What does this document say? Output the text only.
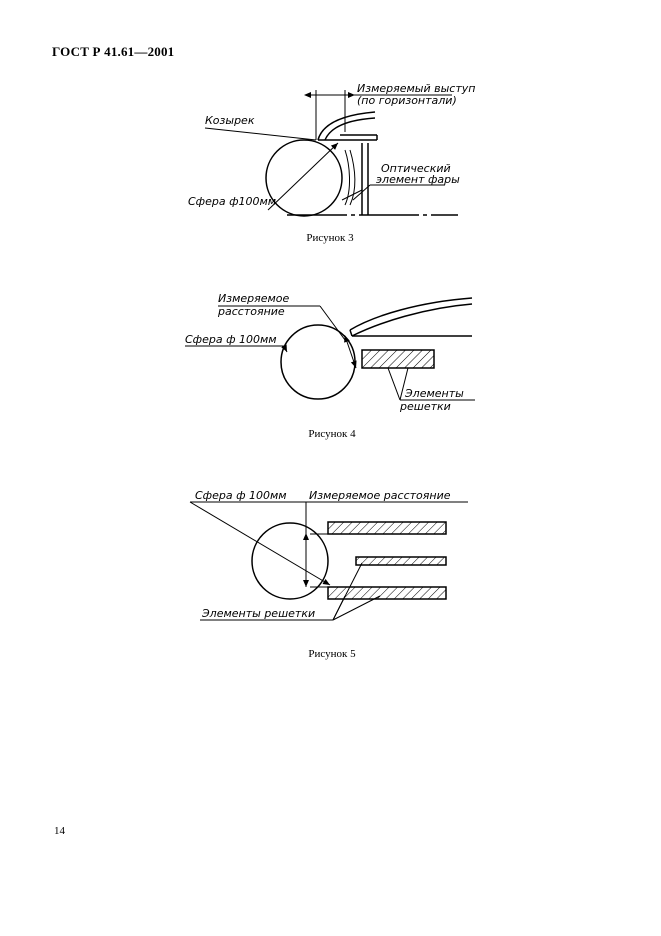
ГОСТ Р 41.61—2001
Козырек
Измеряемый выступ
(по горизонтали)
Сфера ф100мм
Оптический
элемент фары
Измеряемое
расстояние
Сфера ф 100мм
Элементы
решетки
Сфера ф 100мм Измеряемое расстояние
Элементы решетки
Рисунок 3
Рисунок 4
Рисунок 5
14
